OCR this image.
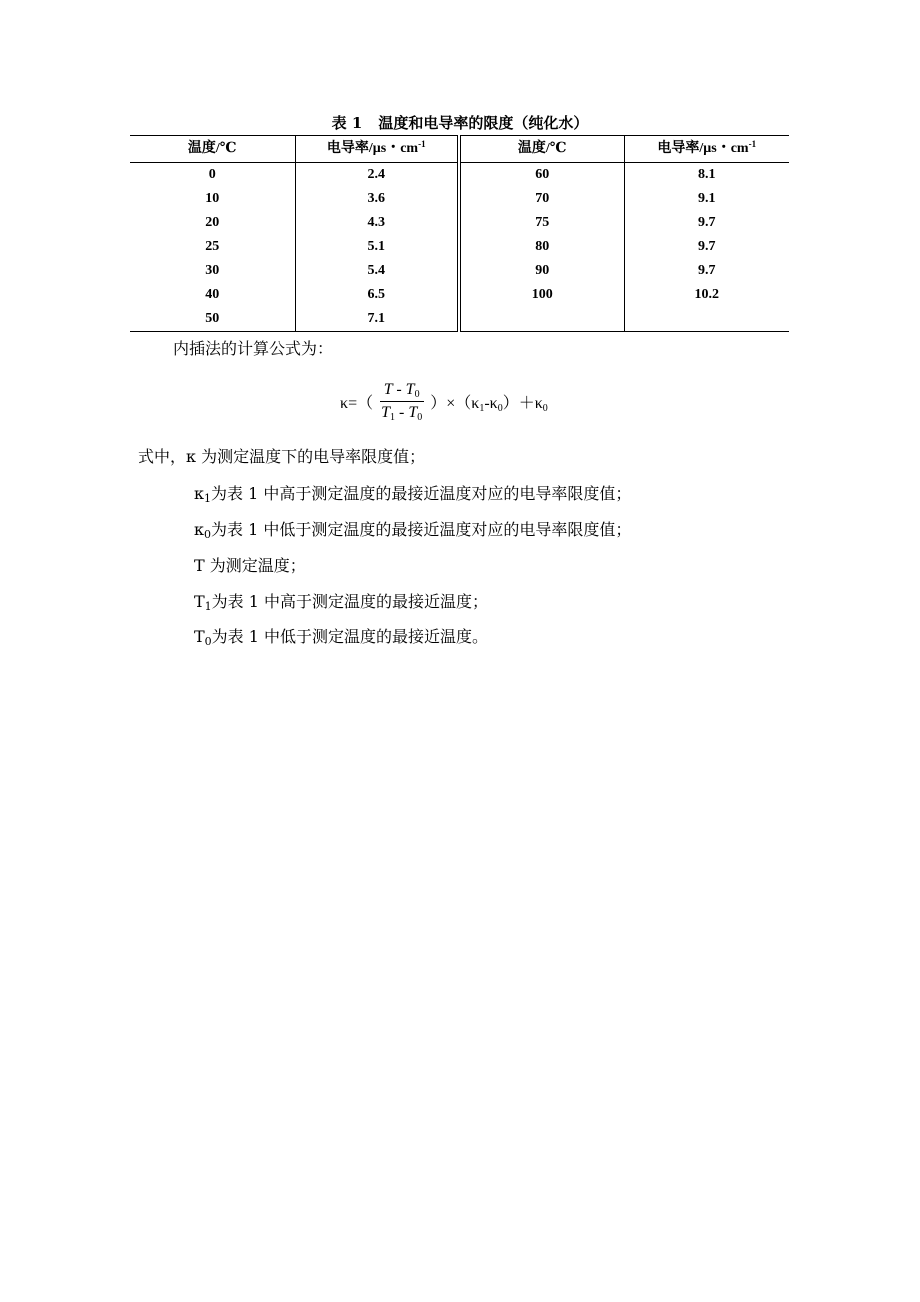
表 1 温度和电导率的限度（纯化水）
温度/℃	电导率/μs・$cm^{-1}$	温度/℃	电导率/μs・$cm^{-1}$
0	2.4	60	8.1
10	3.6	70	9.1
20	4.3	75	9.7
25	5.1	80	9.7
30	5.4	90	9.7
40	6.5	100	10.2
50	7.1		
内插法的计算公式为：
$\kappa=( \frac{T - T_0}{T_1 - T_0} )\times(\kappa_1-\kappa_0)+\kappa_0$
式中，κ 为测定温度下的电导率限度值；
$\kappa_1$为表 1 中高于测定温度的最接近温度对应的电导率限度值；
$\kappa_0$为表 1 中低于测定温度的最接近温度对应的电导率限度值；
T 为测定温度；
$T_1$为表 1 中高于测定温度的最接近温度；
$T_0$为表 1 中低于测定温度的最接近温度。
